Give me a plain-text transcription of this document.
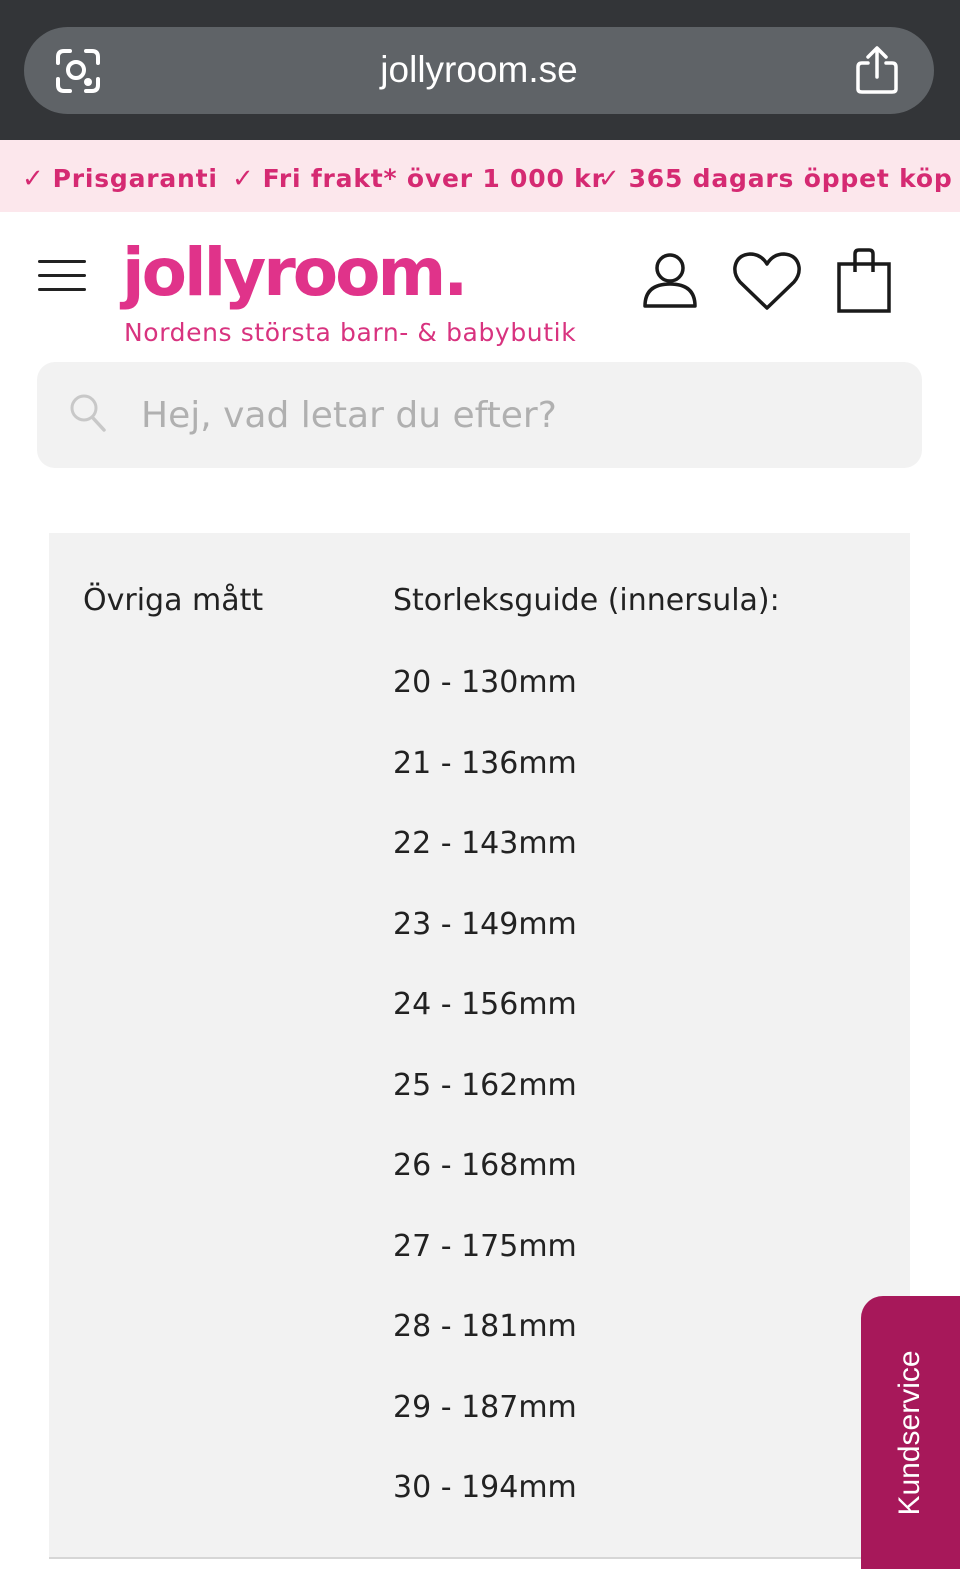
jollyroom.se
✓ Prisgaranti ✓ Fri frakt* över 1 000 kr
✓ 365 dagars öppet köp
jollyroom.
Nordens största barn- & babybutik
Hej, vad letar du efter?
Övriga mått	Storleksguide (innersula):
20 - 130mm
21 - 136mm
22 - 143mm
23 - 149mm
24 - 156mm
25 - 162mm
26 - 168mm
27 - 175mm
28 - 181mm
29 - 187mm
30 - 194mm	Kundservice
